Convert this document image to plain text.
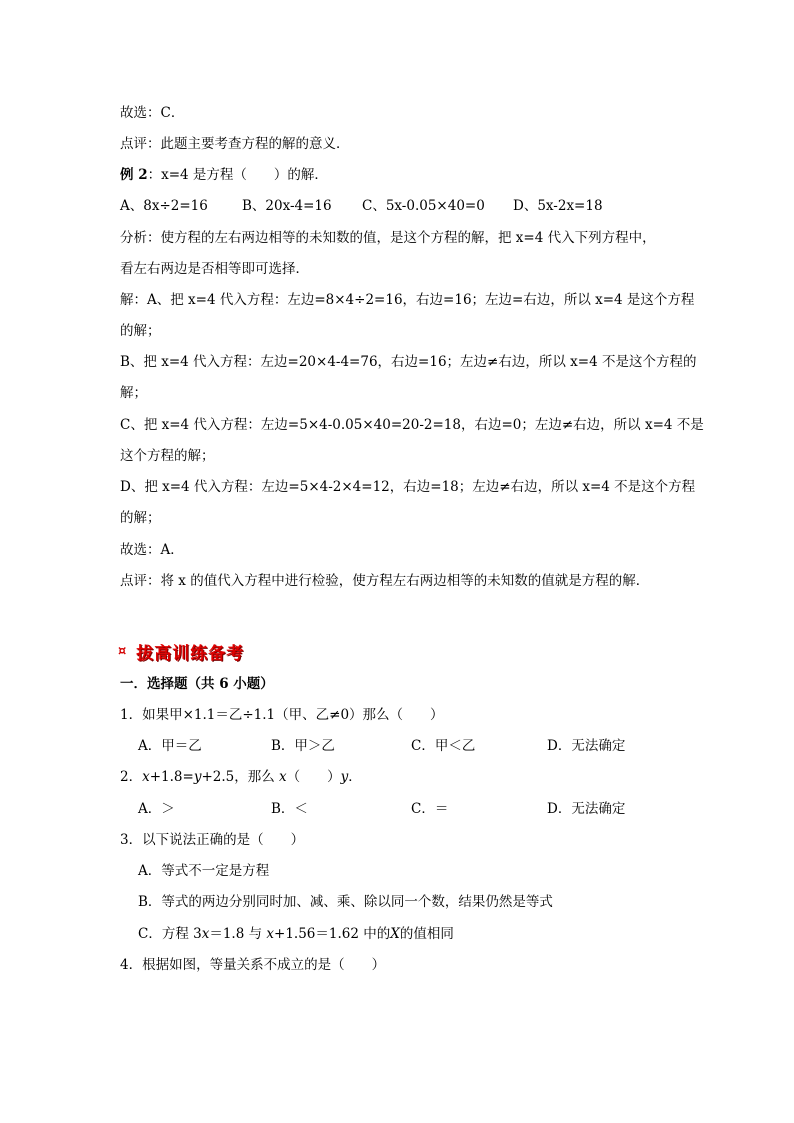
故选：C．
点评：此题主要考查方程的解的意义．
例 2：x=4 是方程（　　）的解．
A、8x÷2=16	B、20x-4=16 C、5x-0.05×40=0 D、5x-2x=18
分析：使方程的左右两边相等的未知数的值，是这个方程的解，把 x=4 代入下列方程中，
看左右两边是否相等即可选择．
解：A、把 x=4 代入方程：左边=8×4÷2=16，右边=16；左边=右边，所以 x=4 是这个方程
的解；
B、把 x=4 代入方程：左边=20×4-4=76，右边=16；左边≠右边，所以 x=4 不是这个方程的
解；
C、把 x=4 代入方程：左边=5×4-0.05×40=20-2=18，右边=0；左边≠右边，所以 x=4 不是
这个方程的解；
D、把 x=4 代入方程：左边=5×4-2×4=12，右边=18；左边≠右边，所以 x=4 不是这个方程
的解；
故选：A．
点评：将 x 的值代入方程中进行检验，使方程左右两边相等的未知数的值就是方程的解．
¤ 拔高训练备考
一．选择题（共 6 小题）
1．如果甲×1.1＝乙÷1.1（甲、乙≠0）那么（　　）
A．甲＝乙	B．甲＞乙	C．甲＜乙	D．无法确定
2．x+1.8=y+2.5，那么 x（　　）y．
A．＞	B．＜	C．＝	D．无法确定
3．以下说法正确的是（　　）
A．等式不一定是方程
B．等式的两边分别同时加、减、乘、除以同一个数，结果仍然是等式
C．方程 3x＝1.8 与 x+1.56＝1.62 中的X的值相同
4．根据如图，等量关系不成立的是（　　）
